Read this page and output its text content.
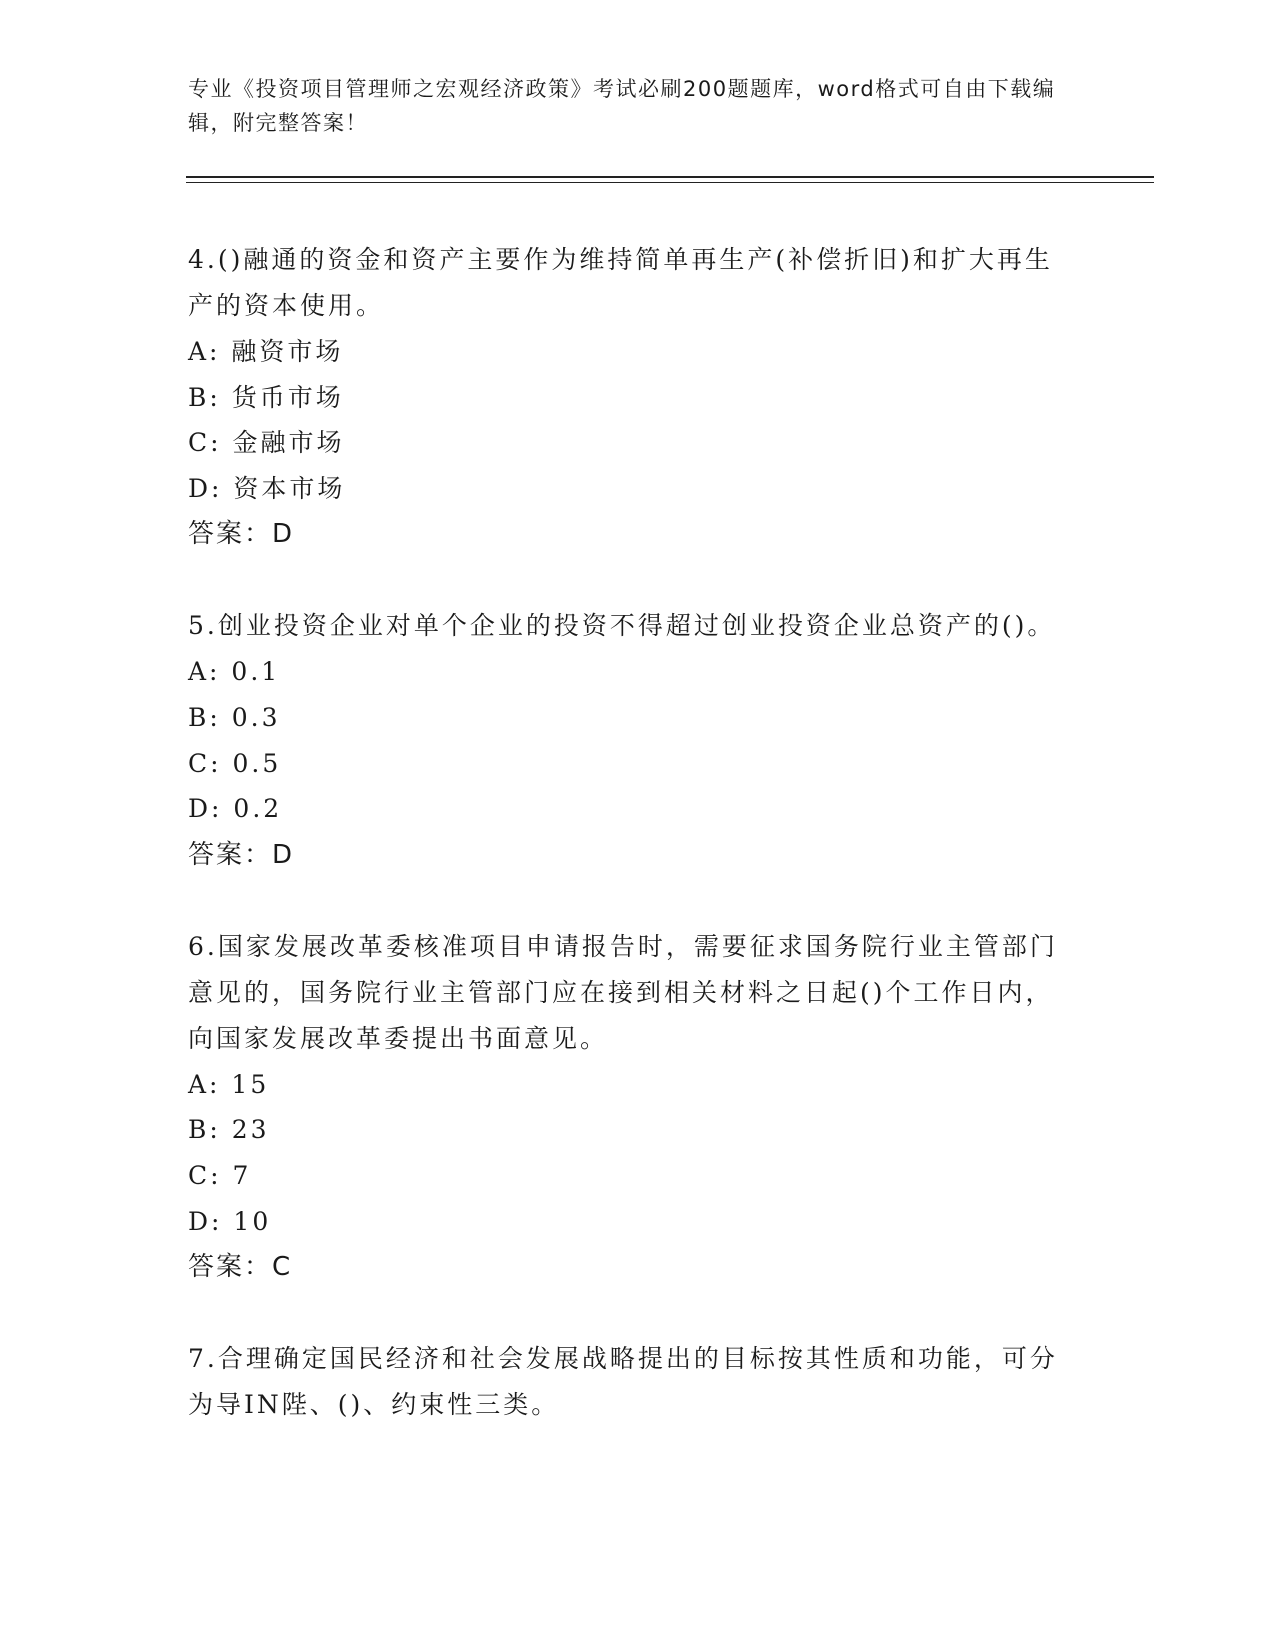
专业《投资项目管理师之宏观经济政策》考试必刷200题题库，word格式可自由下载编辑，附完整答案！

4.()融通的资金和资产主要作为维持简单再生产(补偿折旧)和扩大再生产的资本使用。

A: 融资市场

B: 货币市场

C: 金融市场

D: 资本市场

答案：D

5.创业投资企业对单个企业的投资不得超过创业投资企业总资产的()。

A: 0.1

B: 0.3

C: 0.5

D: 0.2

答案：D

6.国家发展改革委核准项目申请报告时，需要征求国务院行业主管部门意见的，国务院行业主管部门应在接到相关材料之日起()个工作日内，向国家发展改革委提出书面意见。

A: 15

B: 23

C: 7

D: 10

答案：C

7.合理确定国民经济和社会发展战略提出的目标按其性质和功能，可分为导IN陛、()、约束性三类。
